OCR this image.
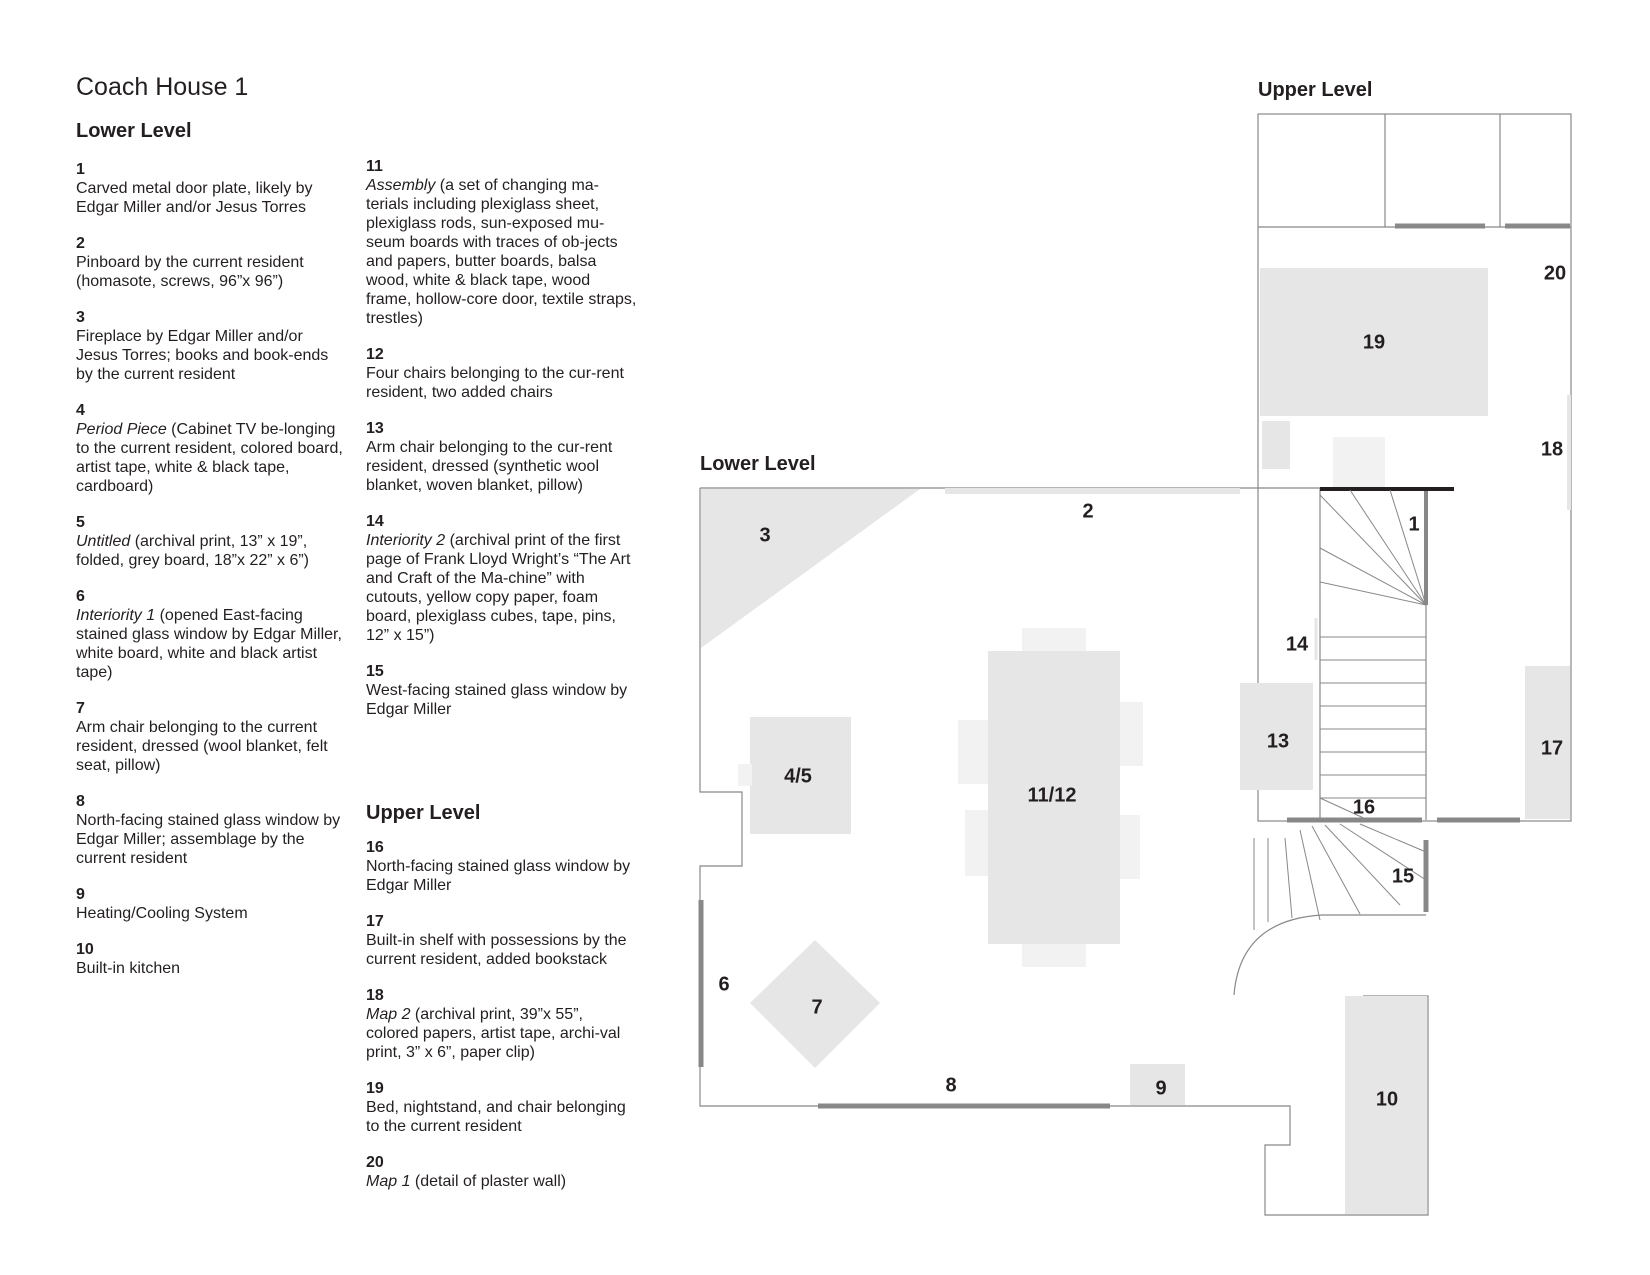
Coach House 1
Lower Level
1
Carved metal door plate, likely by Edgar Miller and/or Jesus Torres
2
Pinboard by the current resident (homasote, screws, 96”x 96”)
3
Fireplace by Edgar Miller and/or Jesus Torres; books and book-ends by the current resident
4
Period Piece (Cabinet TV be-longing to the current resident, colored board, artist tape, white & black tape, cardboard)
5
Untitled (archival print, 13” x 19”, folded, grey board, 18”x 22” x 6”)
6
Interiority 1 (opened East-facing stained glass window by Edgar Miller, white board, white and black artist tape)
7
Arm chair belonging to the current resident, dressed (wool blanket, felt seat, pillow)
8
North-facing stained glass window by Edgar Miller; assemblage by the current resident
9
Heating/Cooling System
10
Built-in kitchen
11
Assembly (a set of changing ma-terials including plexiglass sheet, plexiglass rods, sun-exposed mu-seum boards with traces of ob-jects and papers, butter boards, balsa wood, white & black tape, wood frame, hollow-core door, textile straps, trestles)
12
Four chairs belonging to the cur-rent resident, two added chairs
13
Arm chair belonging to the cur-rent resident, dressed (synthetic wool blanket, woven blanket, pillow)
14
Interiority 2 (archival print of the first page of Frank Lloyd Wright’s “The Art and Craft of the Ma-chine” with cutouts, yellow copy paper, foam board, plexiglass cubes, tape, pins, 12” x 15”)
15
West-facing stained glass window by Edgar Miller
Upper Level
16
North-facing stained glass window by Edgar Miller
17
Built-in shelf with possessions by the current resident, added bookstack
18
Map 2 (archival print, 39”x 55”, colored papers, artist tape, archi-val print, 3” x 6”, paper clip)
19
Bed, nightstand, and chair belonging to the current resident
20
Map 1 (detail of plaster wall)
Lower Level
Upper Level
1
2
3
4/5
6
7
8	9	10
11/12
13
14
15
16
17
18
19
20
